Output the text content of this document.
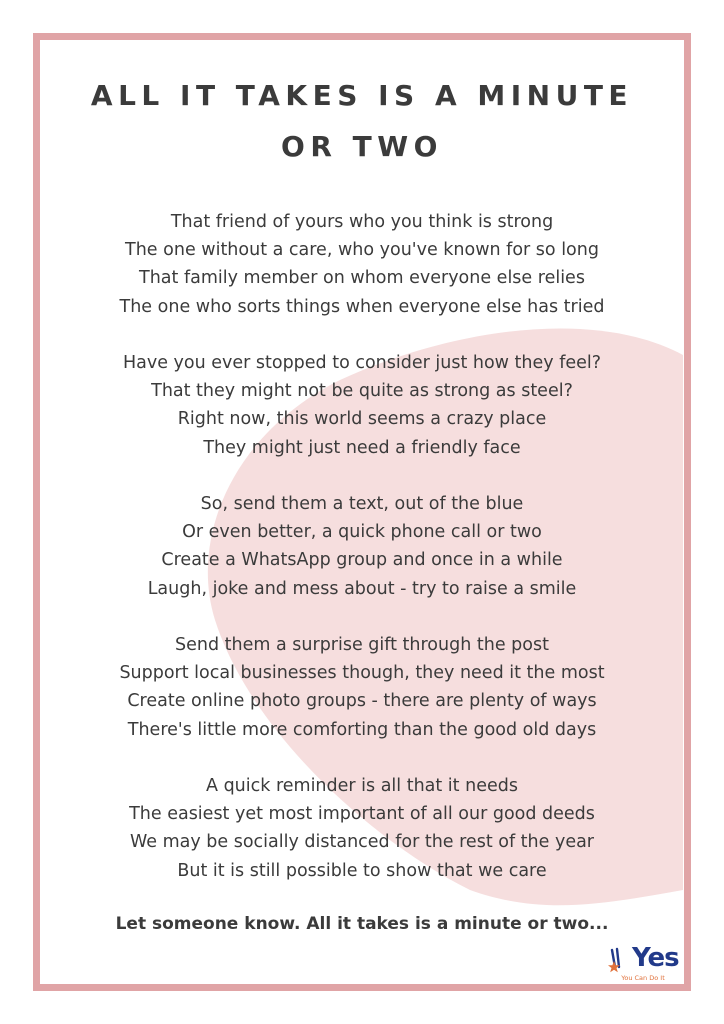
ALL IT TAKES IS A MINUTE
OR TWO

That friend of yours who you think is strong
The one without a care, who you've known for so long
That family member on whom everyone else relies
The one who sorts things when everyone else has tried

Have you ever stopped to consider just how they feel?
That they might not be quite as strong as steel?
Right now, this world seems a crazy place
They might just need a friendly face

So, send them a text, out of the blue
Or even better, a quick phone call or two
Create a WhatsApp group and once in a while
Laugh, joke and mess about - try to raise a smile

Send them a surprise gift through the post
Support local businesses though, they need it the most
Create online photo groups - there are plenty of ways
There's little more comforting than the good old days

A quick reminder is all that it needs
The easiest yet most important of all our good deeds
We may be socially distanced for the rest of the year
But it is still possible to show that we care

Let someone know. All it takes is a minute or two...

Yes
You Can Do It
